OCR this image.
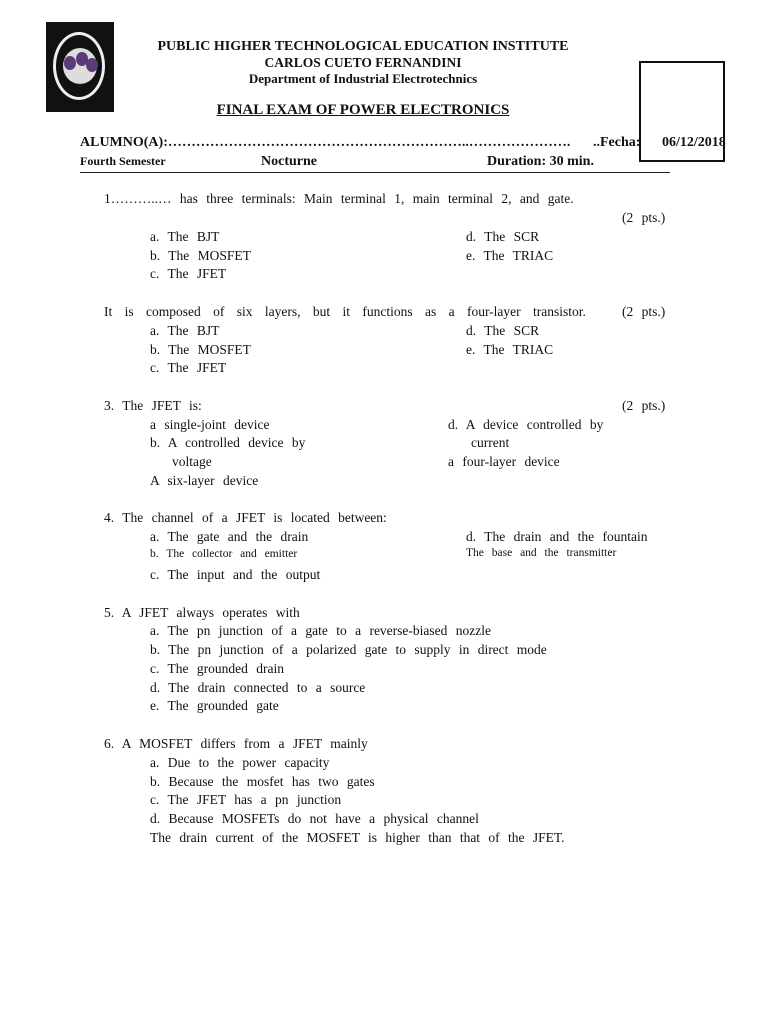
PUBLIC HIGHER TECHNOLOGICAL EDUCATION INSTITUTE
CARLOS CUETO FERNANDINI
Department of Industrial Electrotechnics
FINAL EXAM OF POWER ELECTRONICS
ALUMNO(A):………………………………………………………..…………………. ..Fecha: 06/12/2018
Fourth Semester	Nocturne	Duration: 30 min.
1………..… has three terminals: Main terminal 1, main terminal 2, and gate.
(2 pts.)
a. The BJT
b. The MOSFET
c. The JFET
d. The SCR
e. The TRIAC
It is composed of six layers, but it functions as a four-layer transistor.	(2 pts.)
a. The BJT
b. The MOSFET
c. The JFET
d. The SCR
e. The TRIAC
3. The JFET is:	(2 pts.)
a single-joint device
b. A controlled device by
voltage
A six-layer device
d. A device controlled by
current
a four-layer device
4. The channel of a JFET is located between:
a. The gate and the drain
b. The collector and emitter
c. The input and the output
d. The drain and the fountain
The base and the transmitter
5. A JFET always operates with
a. The pn junction of a gate to a reverse-biased nozzle
b. The pn junction of a polarized gate to supply in direct mode
c. The grounded drain
d. The drain connected to a source
e. The grounded gate
6. A MOSFET differs from a JFET mainly
a. Due to the power capacity
b. Because the mosfet has two gates
c. The JFET has a pn junction
d. Because MOSFETs do not have a physical channel
The drain current of the MOSFET is higher than that of the JFET.
